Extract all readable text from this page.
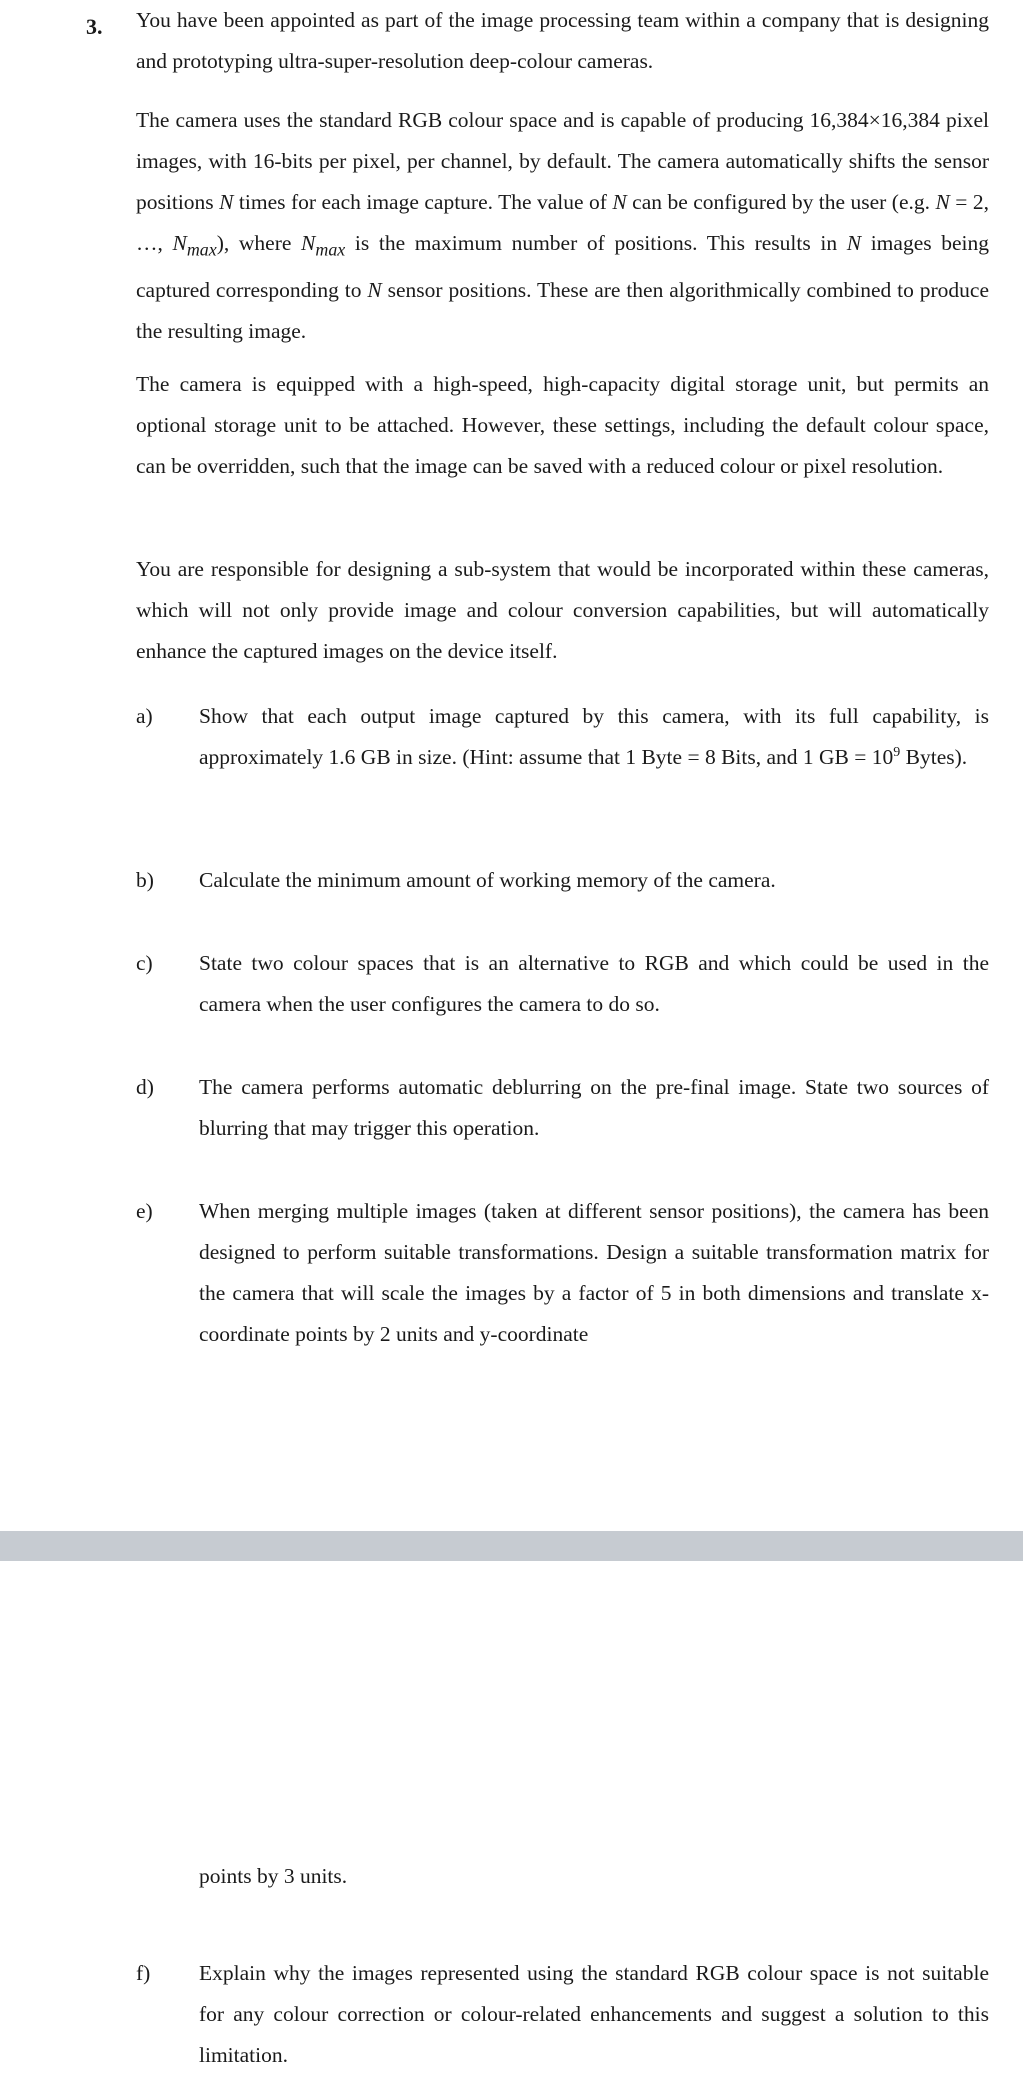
3. You have been appointed as part of the image processing team within a company that is designing and prototyping ultra-super-resolution deep-colour cameras.
The camera uses the standard RGB colour space and is capable of producing 16,384×16,384 pixel images, with 16-bits per pixel, per channel, by default. The camera automatically shifts the sensor positions N times for each image capture. The value of N can be configured by the user (e.g. N = 2, …, $N_{max}$), where $N_{max}$ is the maximum number of positions. This results in N images being captured corresponding to N sensor positions. These are then algorithmically combined to produce the resulting image.
The camera is equipped with a high-speed, high-capacity digital storage unit, but permits an optional storage unit to be attached. However, these settings, including the default colour space, can be overridden, such that the image can be saved with a reduced colour or pixel resolution.
You are responsible for designing a sub-system that would be incorporated within these cameras, which will not only provide image and colour conversion capabilities, but will automatically enhance the captured images on the device itself.
a) Show that each output image captured by this camera, with its full capability, is approximately 1.6 GB in size. (Hint: assume that 1 Byte = 8 Bits, and 1 GB = $10^9$ Bytes).
b) Calculate the minimum amount of working memory of the camera.
c) State two colour spaces that is an alternative to RGB and which could be used in the camera when the user configures the camera to do so.
d) The camera performs automatic deblurring on the pre-final image. State two sources of blurring that may trigger this operation.
e) When merging multiple images (taken at different sensor positions), the camera has been designed to perform suitable transformations. Design a suitable transformation matrix for the camera that will scale the images by a factor of 5 in both dimensions and translate x-coordinate points by 2 units and y-coordinate
points by 3 units.
f) Explain why the images represented using the standard RGB colour space is not suitable for any colour correction or colour-related enhancements and suggest a solution to this limitation.
